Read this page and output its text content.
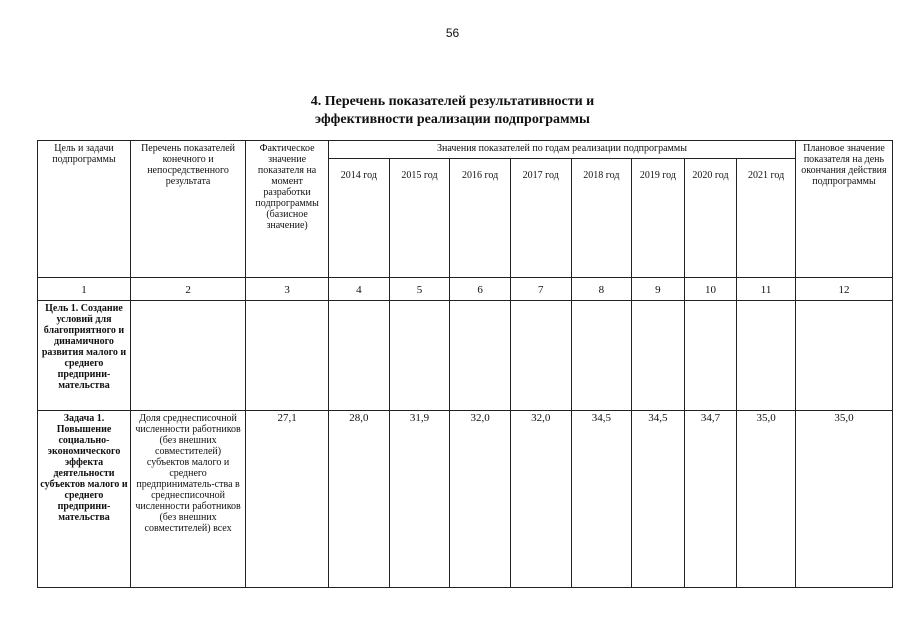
56
4. Перечень показателей результативности и
эффективности реализации подпрограммы
Цель и задачи подпрограммы	Перечень показателей конечного и непосредственного результата	Фактическое значение показателя на момент разработки подпрограммы (базисное значение)	Значения показателей по годам реализации подпрограммы								Плановое значение показателя на день окончания действия подпрограммы
			2014 год	2015 год	2016 год	2017 год	2018 год	2019 год	2020 год	2021 год	
1	2	3	4	5	6	7	8	9	10	11	12
Цель 1. Создание условий для благоприятного и динамичного развития малого и среднего предприни-мательства											
Задача 1. Повышение социально-экономического эффекта деятельности субъектов малого и среднего предприни-мательства	Доля среднесписочной численности работников (без внешних совместителей) субъектов малого и среднего предприниматель-ства в среднесписочной численности работников (без внешних совместителей) всех	27,1	28,0	31,9	32,0	32,0	34,5	34,5	34,7	35,0	35,0
